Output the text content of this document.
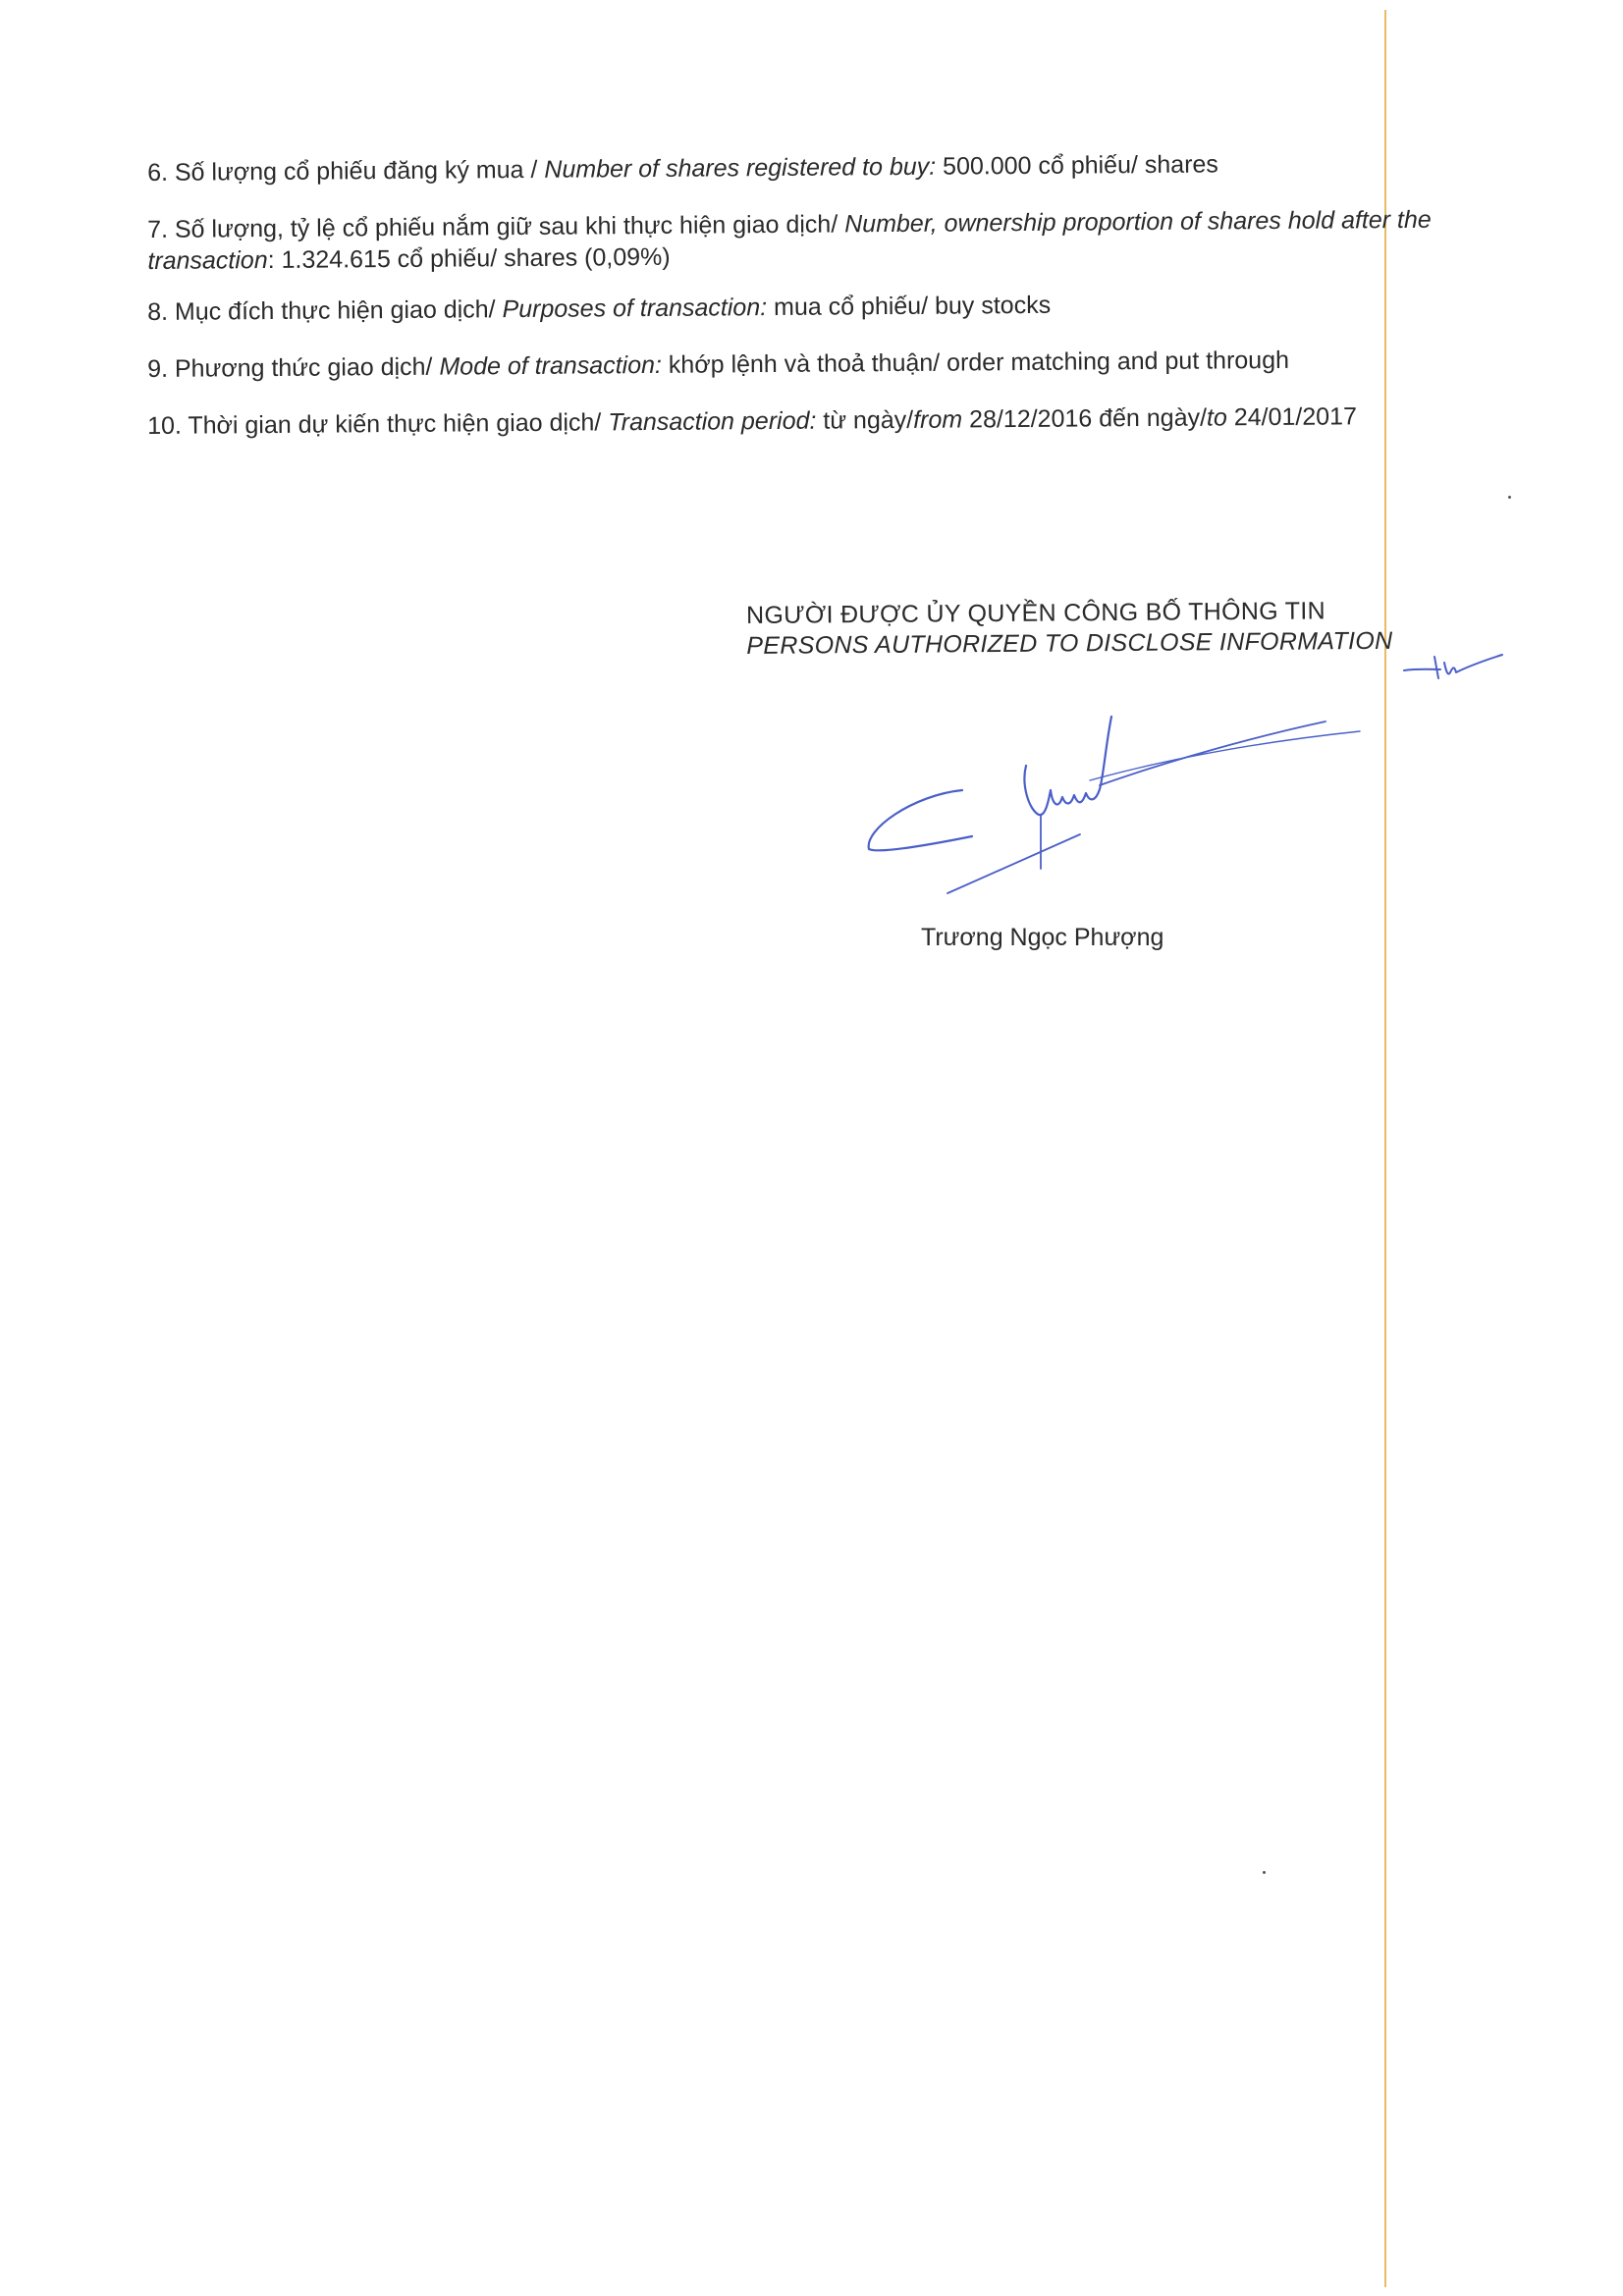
6. Số lượng cổ phiếu đăng ký mua / Number of shares registered to buy: 500.000 cổ phiếu/ shares
7. Số lượng, tỷ lệ cổ phiếu nắm giữ sau khi thực hiện giao dịch/ Number, ownership proportion of shares hold after the transaction: 1.324.615 cổ phiếu/ shares (0,09%)
8. Mục đích thực hiện giao dịch/ Purposes of transaction: mua cổ phiếu/ buy stocks
9. Phương thức giao dịch/ Mode of transaction: khớp lệnh và thoả thuận/ order matching and put through
10. Thời gian dự kiến thực hiện giao dịch/ Transaction period: từ ngày/from 28/12/2016 đến ngày/to 24/01/2017
NGƯỜI ĐƯỢC ỦY QUYỀN CÔNG BỐ THÔNG TIN
PERSONS AUTHORIZED TO DISCLOSE INFORMATION
Trương Ngọc Phượng
